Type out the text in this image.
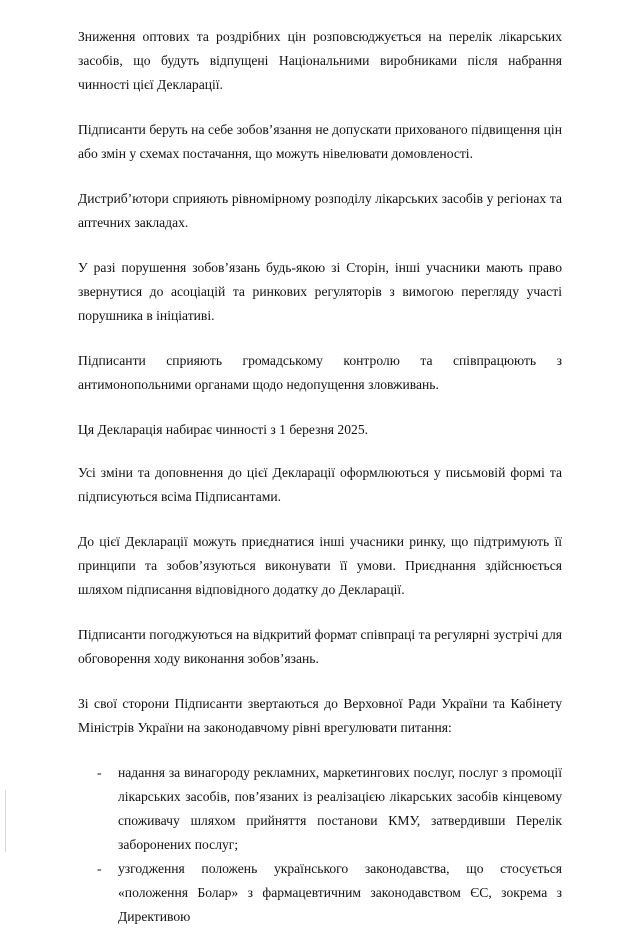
Зниження оптових та роздрібних цін розповсюджується на перелік лікарських засобів, що будуть відпущені Національними виробниками після набрання чинності цієї Декларації.

Підписанти беруть на себе зобов’язання не допускати прихованого підвищення цін або змін у схемах постачання, що можуть нівелювати домовленості.

Дистриб’ютори сприяють рівномірному розподілу лікарських засобів у регіонах та аптечних закладах.

У разі порушення зобов’язань будь-якою зі Сторін, інші учасники мають право звернутися до асоціацій та ринкових регуляторів з вимогою перегляду участі порушника в ініціативі.

Підписанти сприяють громадському контролю та співпрацюють з антимонопольними органами щодо недопущення зловживань.

Ця Декларація набирає чинності з 1 березня 2025.

Усі зміни та доповнення до цієї Декларації оформлюються у письмовій формі та підписуються всіма Підписантами.

До цієї Декларації можуть приєднатися інші учасники ринку, що підтримують її принципи та зобов’язуються виконувати її умови. Приєднання здійснюється шляхом підписання відповідного додатку до Декларації.

Підписанти погоджуються на відкритий формат співпраці та регулярні зустрічі для обговорення ходу виконання зобов’язань.

Зі свої сторони Підписанти звертаються до Верховної Ради України та Кабінету Міністрів України на законодавчому рівні врегулювати питання:

- надання за винагороду рекламних, маркетингових послуг, послуг з промоції лікарських засобів, пов’язаних із реалізацією лікарських засобів кінцевому споживачу шляхом прийняття постанови КМУ, затвердивши Перелік заборонених послуг;
- узгодження положень українського законодавства, що стосується «положення Болар» з фармацевтичним законодавством ЄС, зокрема з Директивою
